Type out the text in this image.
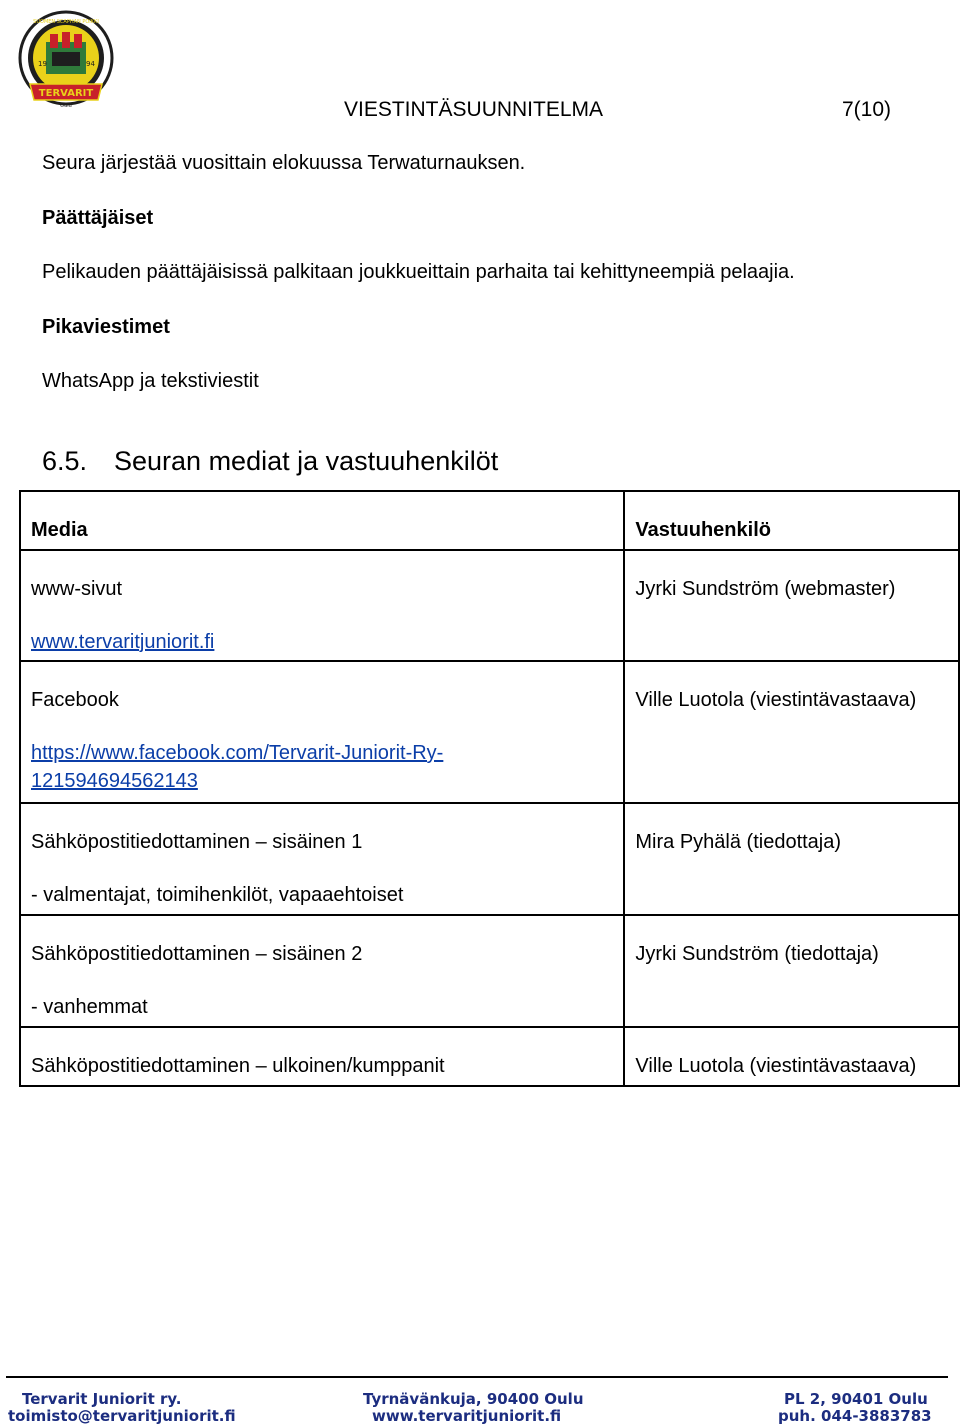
19	94
SUOMEN SCAPHAN POIKKI
TERVARIT
Oulu	VIESTINTÄSUUNNITELMA	7(10)
Seura järjestää vuosittain elokuussa Terwaturnauksen.
Päättäjäiset
Pelikauden päättäjäisissä palkitaan joukkueittain parhaita tai kehittyneempiä pelaajia.
Pikaviestimet
WhatsApp ja tekstiviestit
6.5. Seuran mediat ja vastuuhenkilöt
Media	Vastuuhenkilö

www-sivut
www.tervaritjuniorit.fi	Jyrki Sundström (webmaster)

Facebook
https://www.facebook.com/Tervarit-Juniorit-Ry-
121594694562143	Ville Luotola (viestintävastaava)

Sähköpostitiedottaminen – sisäinen 1
- valmentajat, toimihenkilöt, vapaaehtoiset	Mira Pyhälä (tiedottaja)

Sähköpostitiedottaminen – sisäinen 2
- vanhemmat	Jyrki Sundström (tiedottaja)

Sähköpostitiedottaminen – ulkoinen/kumppanit	Ville Luotola (viestintävastaava)
Tervarit Juniorit ry.
toimisto@tervaritjuniorit.fi
Tyrnävänkuja, 90400 Oulu
www.tervaritjuniorit.fi
PL 2, 90401 Oulu
puh. 044-3883783
